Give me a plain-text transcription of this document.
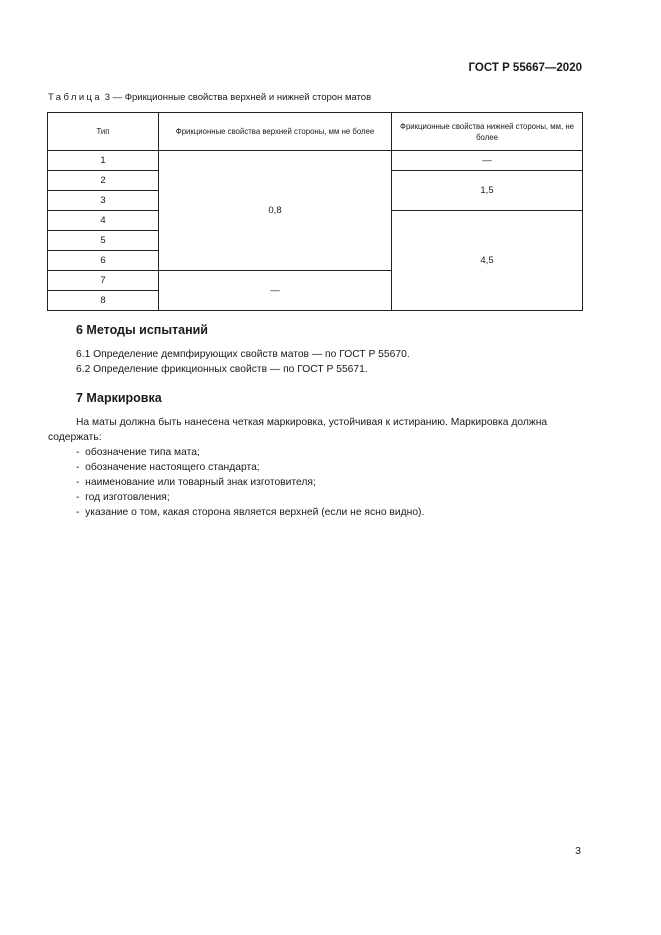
ГОСТ Р 55667—2020
Таблица 3 — Фрикционные свойства верхней и нижней сторон матов
Тип	Фрикционные свойства верхней стороны, мм не более	Фрикционные свойства нижней стороны, мм, не более
1	0,8	—
2		1,5
3		
4		4,5
5		
6		
7	—	
8		
6 Методы испытаний
6.1 Определение демпфирующих свойств матов — по ГОСТ Р 55670.
6.2 Определение фрикционных свойств — по ГОСТ Р 55671.
7 Маркировка
На маты должна быть нанесена четкая маркировка, устойчивая к истиранию. Маркировка должна
содержать:
-  обозначение типа мата;
-  обозначение настоящего стандарта;
-  наименование или товарный знак изготовителя;
-  год изготовления;
-  указание о том, какая сторона является верхней (если не ясно видно).
3
